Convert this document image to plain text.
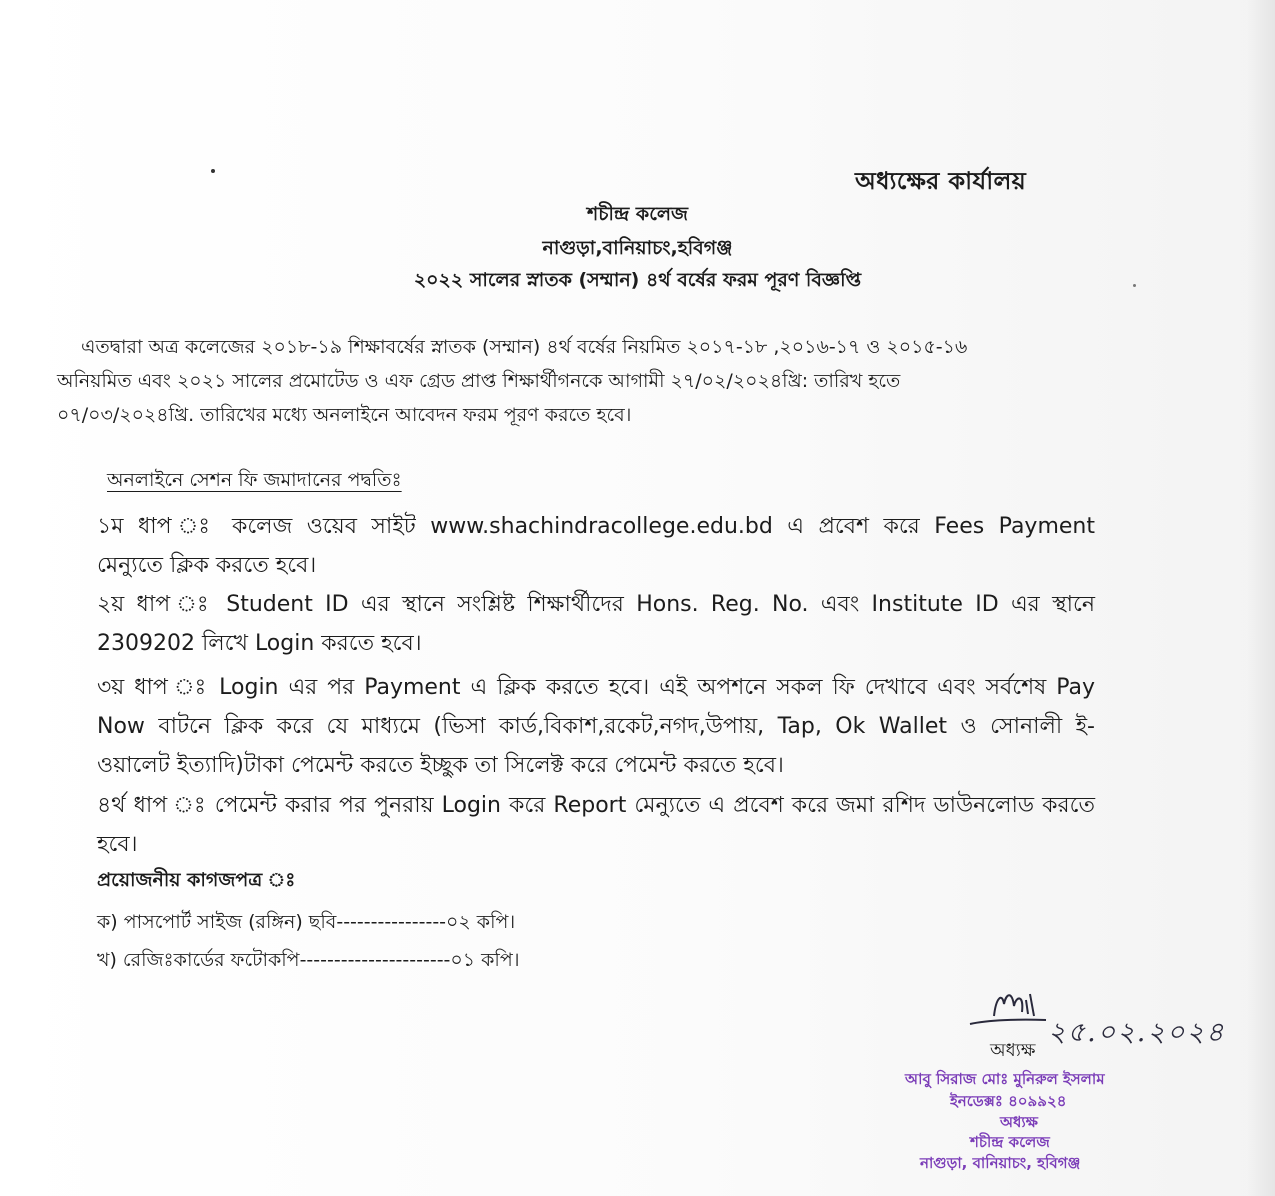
অধ্যক্ষের কার্যালয়
শচীন্দ্র কলেজ
নাগুড়া,বানিয়াচং,হবিগঞ্জ
২০২২ সালের স্নাতক (সম্মান) ৪র্থ বর্ষের ফরম পূরণ বিজ্ঞপ্তি
এতদ্বারা অত্র কলেজের ২০১৮-১৯ শিক্ষাবর্ষের স্নাতক (সম্মান) ৪র্থ বর্ষের নিয়মিত ২০১৭-১৮ ,২০১৬-১৭ ও ২০১৫-১৬
অনিয়মিত এবং ২০২১ সালের প্রমোটেড ও এফ গ্রেড প্রাপ্ত শিক্ষার্থীগনকে আগামী ২৭/০২/২০২৪খ্রি: তারিখ হতে
০৭/০৩/২০২৪খ্রি. তারিখের মধ্যে অনলাইনে আবেদন ফরম পূরণ করতে হবে।
অনলাইনে সেশন ফি জমাদানের পদ্বতিঃ
১ম ধাপ ঃ কলেজ ওয়েব সাইট www.shachindracollege.edu.bd এ প্রবেশ করে Fees Payment
মেন্যুতে ক্লিক করতে হবে।
২য় ধাপ ঃ Student ID এর স্থানে সংশ্লিষ্ট শিক্ষার্থীদের Hons. Reg. No. এবং Institute ID এর স্থানে
2309202 লিখে Login করতে হবে।
৩য় ধাপ ঃ Login এর পর Payment এ ক্লিক করতে হবে। এই অপশনে সকল ফি দেখাবে এবং সর্বশেষ Pay
Now বাটনে ক্লিক করে যে মাধ্যমে (ভিসা কার্ড,বিকাশ,রকেট,নগদ,উপায়, Tap, Ok Wallet ও সোনালী ই-
ওয়ালেট ইত্যাদি)টাকা পেমেন্ট করতে ইচ্ছুক তা সিলেক্ট করে পেমেন্ট করতে হবে।
৪র্থ ধাপ ঃ পেমেন্ট করার পর পুনরায় Login করে Report মেন্যুতে এ প্রবেশ করে জমা রশিদ ডাউনলোড করতে
হবে।
প্রয়োজনীয় কাগজপত্র ঃ
ক) পাসপোর্ট সাইজ (রঙ্গিন) ছবি----------------০২ কপি।
খ) রেজিঃকার্ডের ফটোকপি----------------------০১ কপি।
২৫.০২.২০২৪
অধ্যক্ষ
আবু সিরাজ মোঃ মুনিরুল ইসলাম
ইনডেক্সঃ ৪০৯৯২৪
অধ্যক্ষ
শচীন্দ্র কলেজ
নাগুড়া, বানিয়াচং, হবিগঞ্জ
